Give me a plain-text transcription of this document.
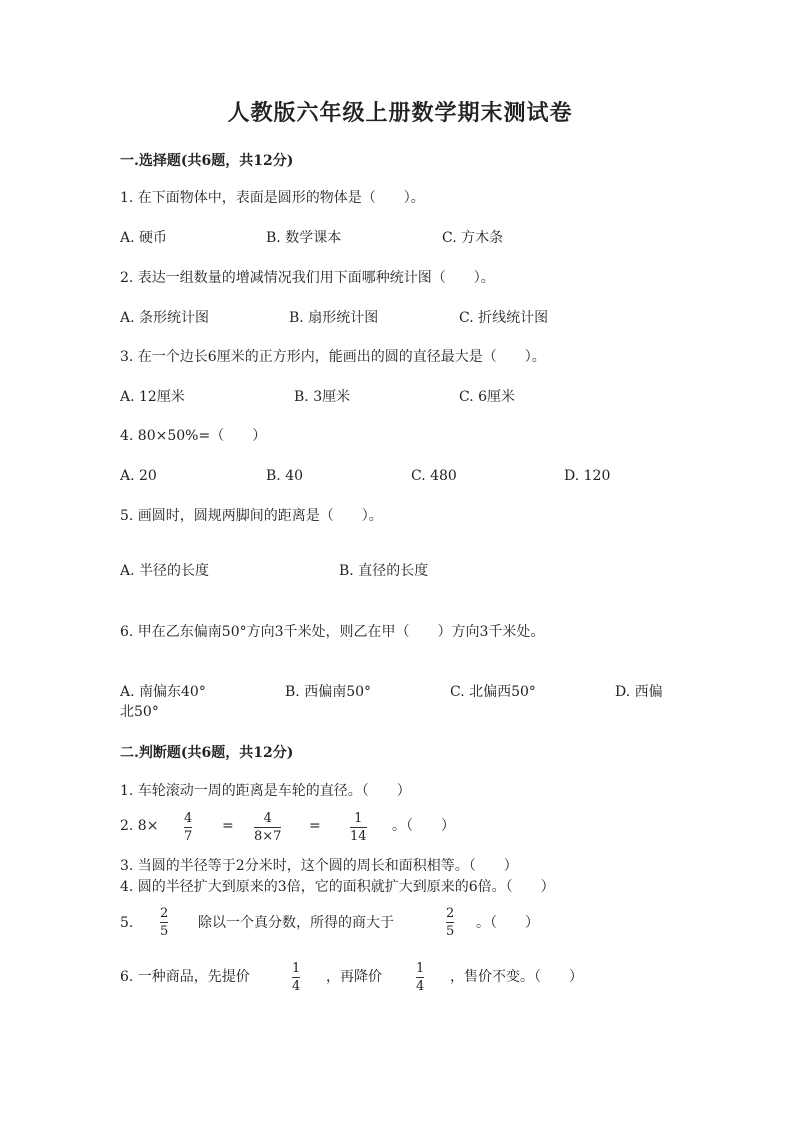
人教版六年级上册数学期末测试卷
一.选择题(共6题，共12分)
1. 在下面物体中，表面是圆形的物体是（　　）。
A. 硬币	B. 数学课本	C. 方木条
2. 表达一组数量的增减情况我们用下面哪种统计图（　　）。
A. 条形统计图	B. 扇形统计图	C. 折线统计图
3. 在一个边长6厘米的正方形内，能画出的圆的直径最大是（　　）。
A. 12厘米	B. 3厘米	C. 6厘米
4. 80×50%=（　　）
A. 20	B. 40	C. 480	D. 120
5. 画圆时，圆规两脚间的距离是（　　）。
A. 半径的长度	B. 直径的长度
6. 甲在乙东偏南50°方向3千米处，则乙在甲（　　）方向3千米处。
A. 南偏东40°	B. 西偏南50°	C. 北偏西50°	D. 西偏
北50°
二.判断题(共6题，共12分)
1. 车轮滚动一周的距离是车轮的直径。（　　）
2. 8× 4
7
= 4
8×7
=	1
14
。（　　）
3. 当圆的半径等于2分米时，这个圆的周长和面积相等。（　　）
4. 圆的半径扩大到原来的3倍，它的面积就扩大到原来的6倍。（　　）
5.
2
5
除以一个真分数，所得的商大于
2
5
。（　　）
6. 一种商品，先提价
1
4
，再降价
1
4
，售价不变。（　　）
